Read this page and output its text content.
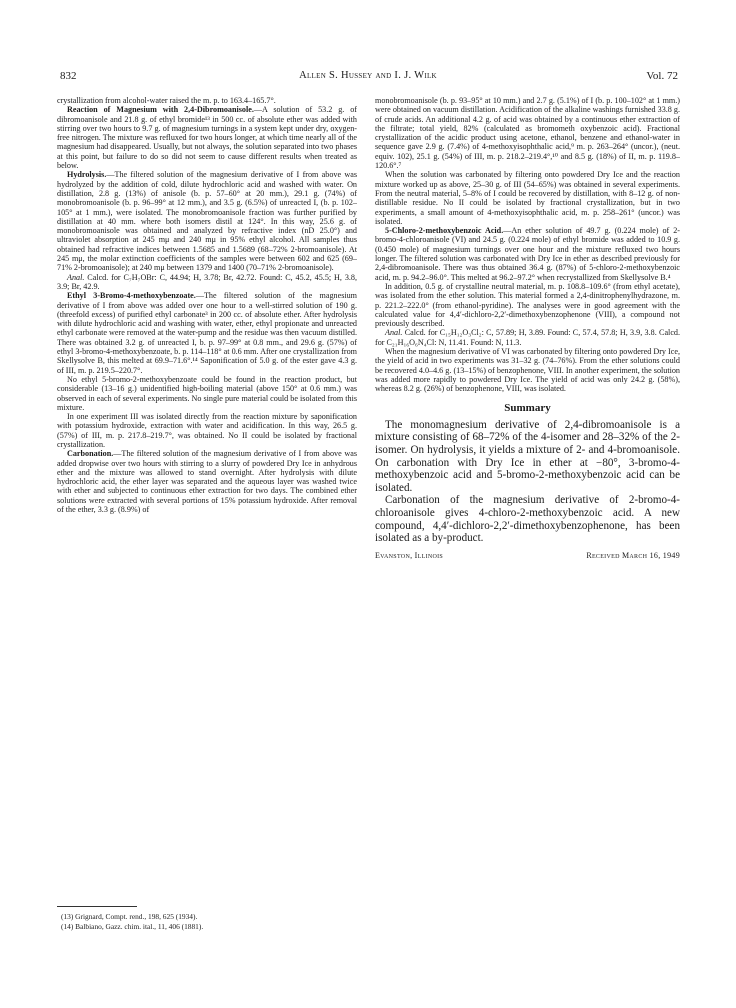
832	Allen S. Hussey and I. J. Wilk	Vol. 72

crystallization from alcohol-water raised the m. p. to 163.4–165.7°.

Reaction of Magnesium with 2,4-Dibromoanisole.—A solution of 53.2 g. of dibromoanisole and 21.8 g. of ethyl bromide¹³ in 500 cc. of absolute ether was added with stirring over two hours to 9.7 g. of magnesium turnings in a system kept under dry, oxygen-free nitrogen. The mixture was refluxed for two hours longer, at which time nearly all of the magnesium had disappeared. Usually, but not always, the solution separated into two phases at this point, but failure to do so did not seem to cause different results when treated as below.

Hydrolysis.—The filtered solution of the magnesium derivative of I from above was hydrolyzed by the addition of cold, dilute hydrochloric acid and washed with water. On distillation, 2.8 g. (13%) of anisole (b. p. 57–60° at 20 mm.), 29.1 g. (74%) of monobromoanisole (b. p. 96–99° at 12 mm.), and 3.5 g. (6.5%) of unreacted I, (b. p. 102–105° at 1 mm.), were isolated. The monobromoanisole fraction was further purified by distillation at 40 mm. where both isomers distil at 124°. In this way, 25.6 g. of monobromoanisole was obtained and analyzed by refractive index (nD 25.0°) and ultraviolet absorption at 245 mμ and 240 mμ in 95% ethyl alcohol. All samples thus obtained had refractive indices between 1.5685 and 1.5689 (68–72% 2-bromoanisole). At 245 mμ, the molar extinction coefficients of the samples were between 602 and 625 (69–71% 2-bromoanisole); at 240 mμ between 1379 and 1400 (70–71% 2-bromoanisole).

Anal. Calcd. for C₇H₇OBr: C, 44.94; H, 3.78; Br, 42.72. Found: C, 45.2, 45.5; H, 3.8, 3.9; Br, 42.9.

Ethyl 3-Bromo-4-methoxybenzoate.—The filtered solution of the magnesium derivative of I from above was added over one hour to a well-stirred solution of 190 g. (threefold excess) of purified ethyl carbonate³ in 200 cc. of absolute ether. After hydrolysis with dilute hydrochloric acid and washing with water, ether, ethyl propionate and unreacted ethyl carbonate were removed at the water-pump and the residue was then vacuum distilled. There was obtained 3.2 g. of unreacted I, b. p. 97–99° at 0.8 mm., and 29.6 g. (57%) of ethyl 3-bromo-4-methoxybenzoate, b. p. 114–118° at 0.6 mm. After one crystallization from Skellysolve B, this melted at 69.9–71.6°.¹⁴ Saponification of 5.0 g. of the ester gave 4.3 g. of III, m. p. 219.5–220.7°.

No ethyl 5-bromo-2-methoxybenzoate could be found in the reaction product, but considerable (13–16 g.) unidentified high-boiling material (above 150° at 0.6 mm.) was observed in each of several experiments. No single pure material could be isolated from this mixture.

In one experiment III was isolated directly from the reaction mixture by saponification with potassium hydroxide, extraction with water and acidification. In this way, 26.5 g. (57%) of III, m. p. 217.8–219.7°, was obtained. No II could be isolated by fractional crystallization.

Carbonation.—The filtered solution of the magnesium derivative of I from above was added dropwise over two hours with stirring to a slurry of powdered Dry Ice in anhydrous ether and the mixture was allowed to stand overnight. After hydrolysis with dilute hydrochloric acid, the ether layer was separated and the aqueous layer was washed twice with ether and subjected to continuous ether extraction for two days. The combined ether solutions were extracted with several portions of 15% potassium hydroxide. After removal of the ether, 3.3 g. (8.9%) of

monobromoanisole (b. p. 93–95° at 10 mm.) and 2.7 g. (5.1%) of I (b. p. 100–102° at 1 mm.) were obtained on vacuum distillation. Acidification of the alkaline washings furnished 33.8 g. of crude acids. An additional 4.2 g. of acid was obtained by a continuous ether extraction of the filtrate; total yield, 82% (calculated as bromometh oxybenzoic acid). Fractional crystallization of the acidic product using acetone, ethanol, benzene and ethanol-water in sequence gave 2.9 g. (7.4%) of 4-methoxyisophthalic acid,⁹ m. p. 263–264° (uncor.), (neut. equiv. 102), 25.1 g. (54%) of III, m. p. 218.2–219.4°,¹⁰ and 8.5 g. (18%) of II, m. p. 119.8–120.6°.⁷

When the solution was carbonated by filtering onto powdered Dry Ice and the reaction mixture worked up as above, 25–30 g. of III (54–65%) was obtained in several experiments. From the neutral material, 5–8% of I could be recovered by distillation, with 8–12 g. of non-distillable residue. No II could be isolated by fractional crystallization, but in two experiments, a small amount of 4-methoxyisophthalic acid, m. p. 258–261° (uncor.) was isolated.

5-Chloro-2-methoxybenzoic Acid.—An ether solution of 49.7 g. (0.224 mole) of 2-bromo-4-chloroanisole (VI) and 24.5 g. (0.224 mole) of ethyl bromide was added to 10.9 g. (0.450 mole) of magnesium turnings over one hour and the mixture refluxed two hours longer. The filtered solution was carbonated with Dry Ice in ether as described previously for 2,4-dibromoanisole. There was thus obtained 36.4 g. (87%) of 5-chloro-2-methoxybenzoic acid, m. p. 94.2–96.0°. This melted at 96.2–97.2° when recrystallized from Skellysolve B.⁴

In addition, 0.5 g. of crystalline neutral material, m. p. 108.8–109.6° (from ethyl acetate), was isolated from the ether solution. This material formed a 2,4-dinitrophenylhydrazone, m. p. 221.2–222.0° (from ethanol-pyridine). The analyses were in good agreement with the calculated value for 4,4′-dichloro-2,2′-dimethoxybenzophenone (VIII), a compound not previously described.

Anal. Calcd. for C₁₅H₁₂O₃Cl₂: C, 57.89; H, 3.89. Found: C, 57.4, 57.8; H, 3.9, 3.8. Calcd. for C₂₁H₁₆O₆N₄Cl: N, 11.41. Found: N, 11.3.

When the magnesium derivative of VI was carbonated by filtering onto powdered Dry Ice, the yield of acid in two experiments was 31–32 g. (74–76%). From the ether solutions could be recovered 4.0–4.6 g. (13–15%) of benzophenone, VIII. In another experiment, the solution was added more rapidly to powdered Dry Ice. The yield of acid was only 24.2 g. (58%), whereas 8.2 g. (26%) of benzophenone, VIII, was isolated.

Summary

The monomagnesium derivative of 2,4-dibromoanisole is a mixture consisting of 68–72% of the 4-isomer and 28–32% of the 2-isomer. On hydrolysis, it yields a mixture of 2- and 4-bromoanisole. On carbonation with Dry Ice in ether at −80°, 3-bromo-4-methoxybenzoic acid and 5-bromo-2-methoxybenzoic acid can be isolated.

Carbonation of the magnesium derivative of 2-bromo-4-chloroanisole gives 4-chloro-2-methoxybenzoic acid. A new compound, 4,4′-dichloro-2,2′-dimethoxybenzophenone, has been isolated as a by-product.

Evanston, Illinois	Received March 16, 1949
(13) Grignard, Compt. rend., 198, 625 (1934).
(14) Balbiano, Gazz. chim. ital., 11, 406 (1881).
